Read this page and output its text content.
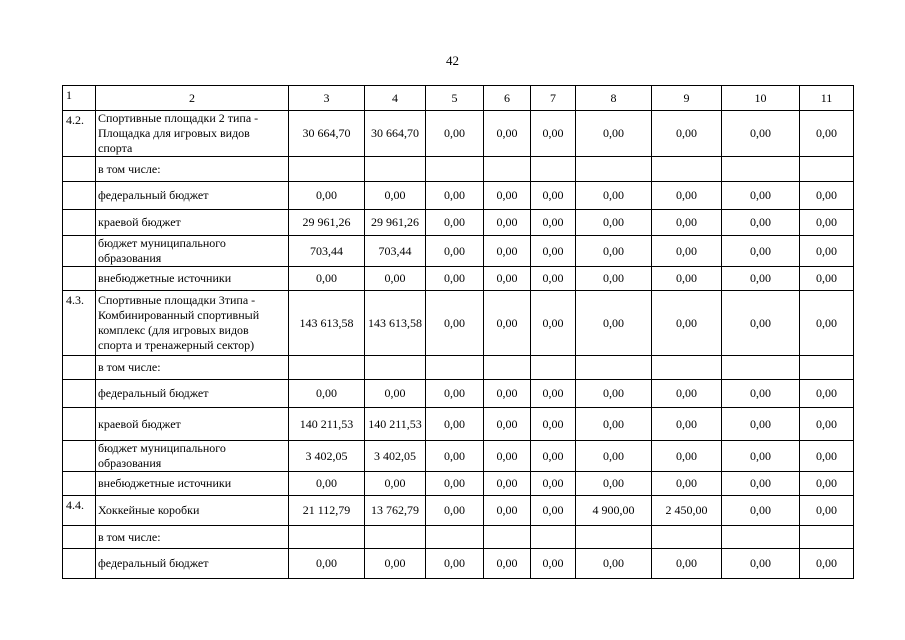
42
1	2	3	4	5	6	7	8	9	10	11
4.2.	Спортивные площадки 2 типа - Площадка для игровых видов спорта	30 664,70	30 664,70	0,00	0,00	0,00	0,00	0,00	0,00	0,00
	в том числе:									
	федеральный бюджет	0,00	0,00	0,00	0,00	0,00	0,00	0,00	0,00	0,00
	краевой бюджет	29 961,26	29 961,26	0,00	0,00	0,00	0,00	0,00	0,00	0,00
	бюджет муниципального образования	703,44	703,44	0,00	0,00	0,00	0,00	0,00	0,00	0,00
	внебюджетные источники	0,00	0,00	0,00	0,00	0,00	0,00	0,00	0,00	0,00
4.3.	Спортивные площадки 3типа - Комбинированный спортивный комплекс (для игровых видов спорта и тренажерный сектор)	143 613,58	143 613,58	0,00	0,00	0,00	0,00	0,00	0,00	0,00
	в том числе:									
	федеральный бюджет	0,00	0,00	0,00	0,00	0,00	0,00	0,00	0,00	0,00
	краевой бюджет	140 211,53	140 211,53	0,00	0,00	0,00	0,00	0,00	0,00	0,00
	бюджет муниципального образования	3 402,05	3 402,05	0,00	0,00	0,00	0,00	0,00	0,00	0,00
	внебюджетные источники	0,00	0,00	0,00	0,00	0,00	0,00	0,00	0,00	0,00
4.4.	Хоккейные коробки	21 112,79	13 762,79	0,00	0,00	0,00	4 900,00	2 450,00	0,00	0,00
	в том числе:									
	федеральный бюджет	0,00	0,00	0,00	0,00	0,00	0,00	0,00	0,00	0,00
